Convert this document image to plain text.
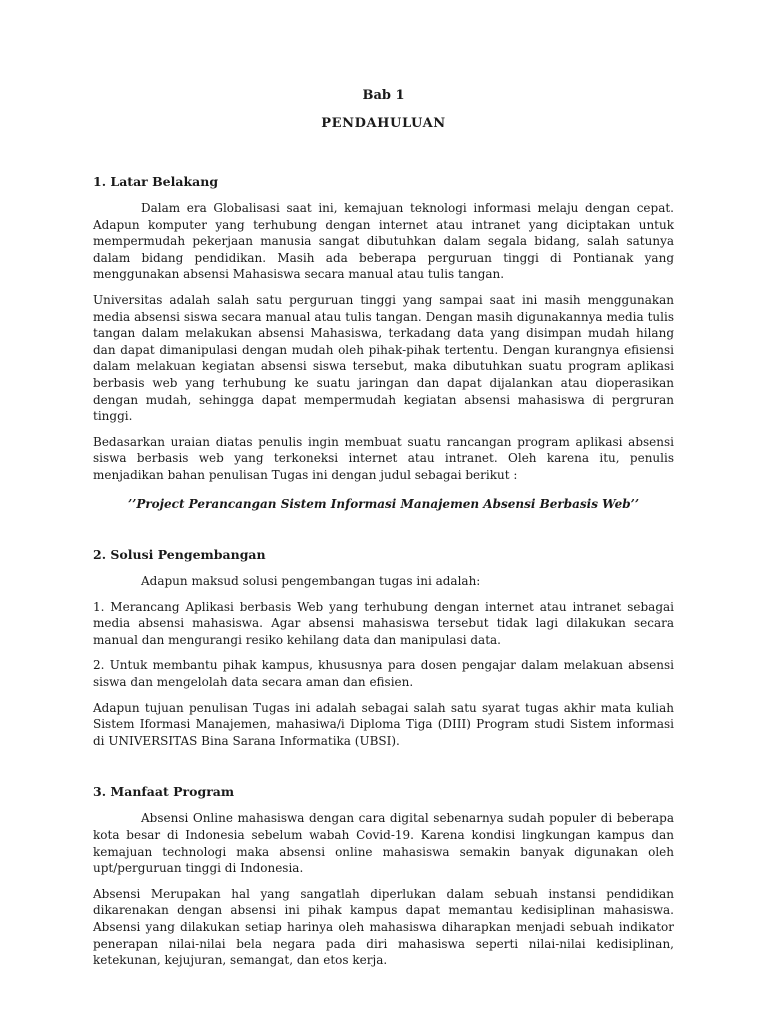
Bab 1

PENDAHULUAN

1. Latar Belakang

Dalam era Globalisasi saat ini, kemajuan teknologi informasi melaju dengan cepat. Adapun komputer yang terhubung dengan internet atau intranet yang diciptakan untuk mempermudah pekerjaan manusia sangat dibutuhkan dalam segala bidang, salah satunya dalam bidang pendidikan. Masih ada beberapa perguruan tinggi di Pontianak yang menggunakan absensi Mahasiswa secara manual atau tulis tangan.

Universitas adalah salah satu perguruan tinggi yang sampai saat ini masih menggunakan media absensi siswa secara manual atau tulis tangan. Dengan masih digunakannya media tulis tangan dalam melakukan absensi Mahasiswa, terkadang data yang disimpan mudah hilang dan dapat dimanipulasi dengan mudah oleh pihak-pihak tertentu. Dengan kurangnya efisiensi dalam melakuan kegiatan absensi siswa tersebut, maka dibutuhkan suatu program aplikasi berbasis web yang terhubung ke suatu jaringan dan dapat dijalankan atau dioperasikan dengan mudah, sehingga dapat mempermudah kegiatan absensi mahasiswa di pergruran tinggi.

Bedasarkan uraian diatas penulis ingin membuat suatu rancangan program aplikasi absensi siswa berbasis web yang terkoneksi internet atau intranet. Oleh karena itu, penulis menjadikan bahan penulisan Tugas ini dengan judul sebagai berikut :

’’Project Perancangan Sistem Informasi Manajemen Absensi Berbasis Web’’

2. Solusi Pengembangan

Adapun maksud solusi pengembangan tugas ini adalah:

1. Merancang Aplikasi berbasis Web yang terhubung dengan internet atau intranet sebagai media absensi mahasiswa. Agar absensi mahasiswa tersebut tidak lagi dilakukan secara manual dan mengurangi resiko kehilang data dan manipulasi data.

2. Untuk membantu pihak kampus, khususnya para dosen pengajar dalam melakuan absensi siswa dan mengelolah data secara aman dan efisien.

Adapun tujuan penulisan Tugas ini adalah sebagai salah satu syarat tugas akhir mata kuliah Sistem Iformasi Manajemen, mahasiwa/i Diploma Tiga (DIII) Program studi Sistem informasi di UNIVERSITAS Bina Sarana Informatika (UBSI).

3. Manfaat Program

Absensi Online mahasiswa dengan cara digital sebenarnya sudah populer di beberapa kota besar di Indonesia sebelum wabah Covid-19. Karena kondisi lingkungan kampus dan kemajuan technologi maka absensi online mahasiswa semakin banyak digunakan oleh upt/perguruan tinggi di Indonesia.

Absensi Merupakan hal yang sangatlah diperlukan dalam sebuah instansi pendidikan dikarenakan dengan absensi ini pihak kampus dapat memantau kedisiplinan mahasiswa. Absensi yang dilakukan setiap harinya oleh mahasiswa diharapkan menjadi sebuah indikator penerapan nilai-nilai bela negara pada diri mahasiswa seperti nilai-nilai kedisiplinan, ketekunan, kejujuran, semangat, dan etos kerja.
